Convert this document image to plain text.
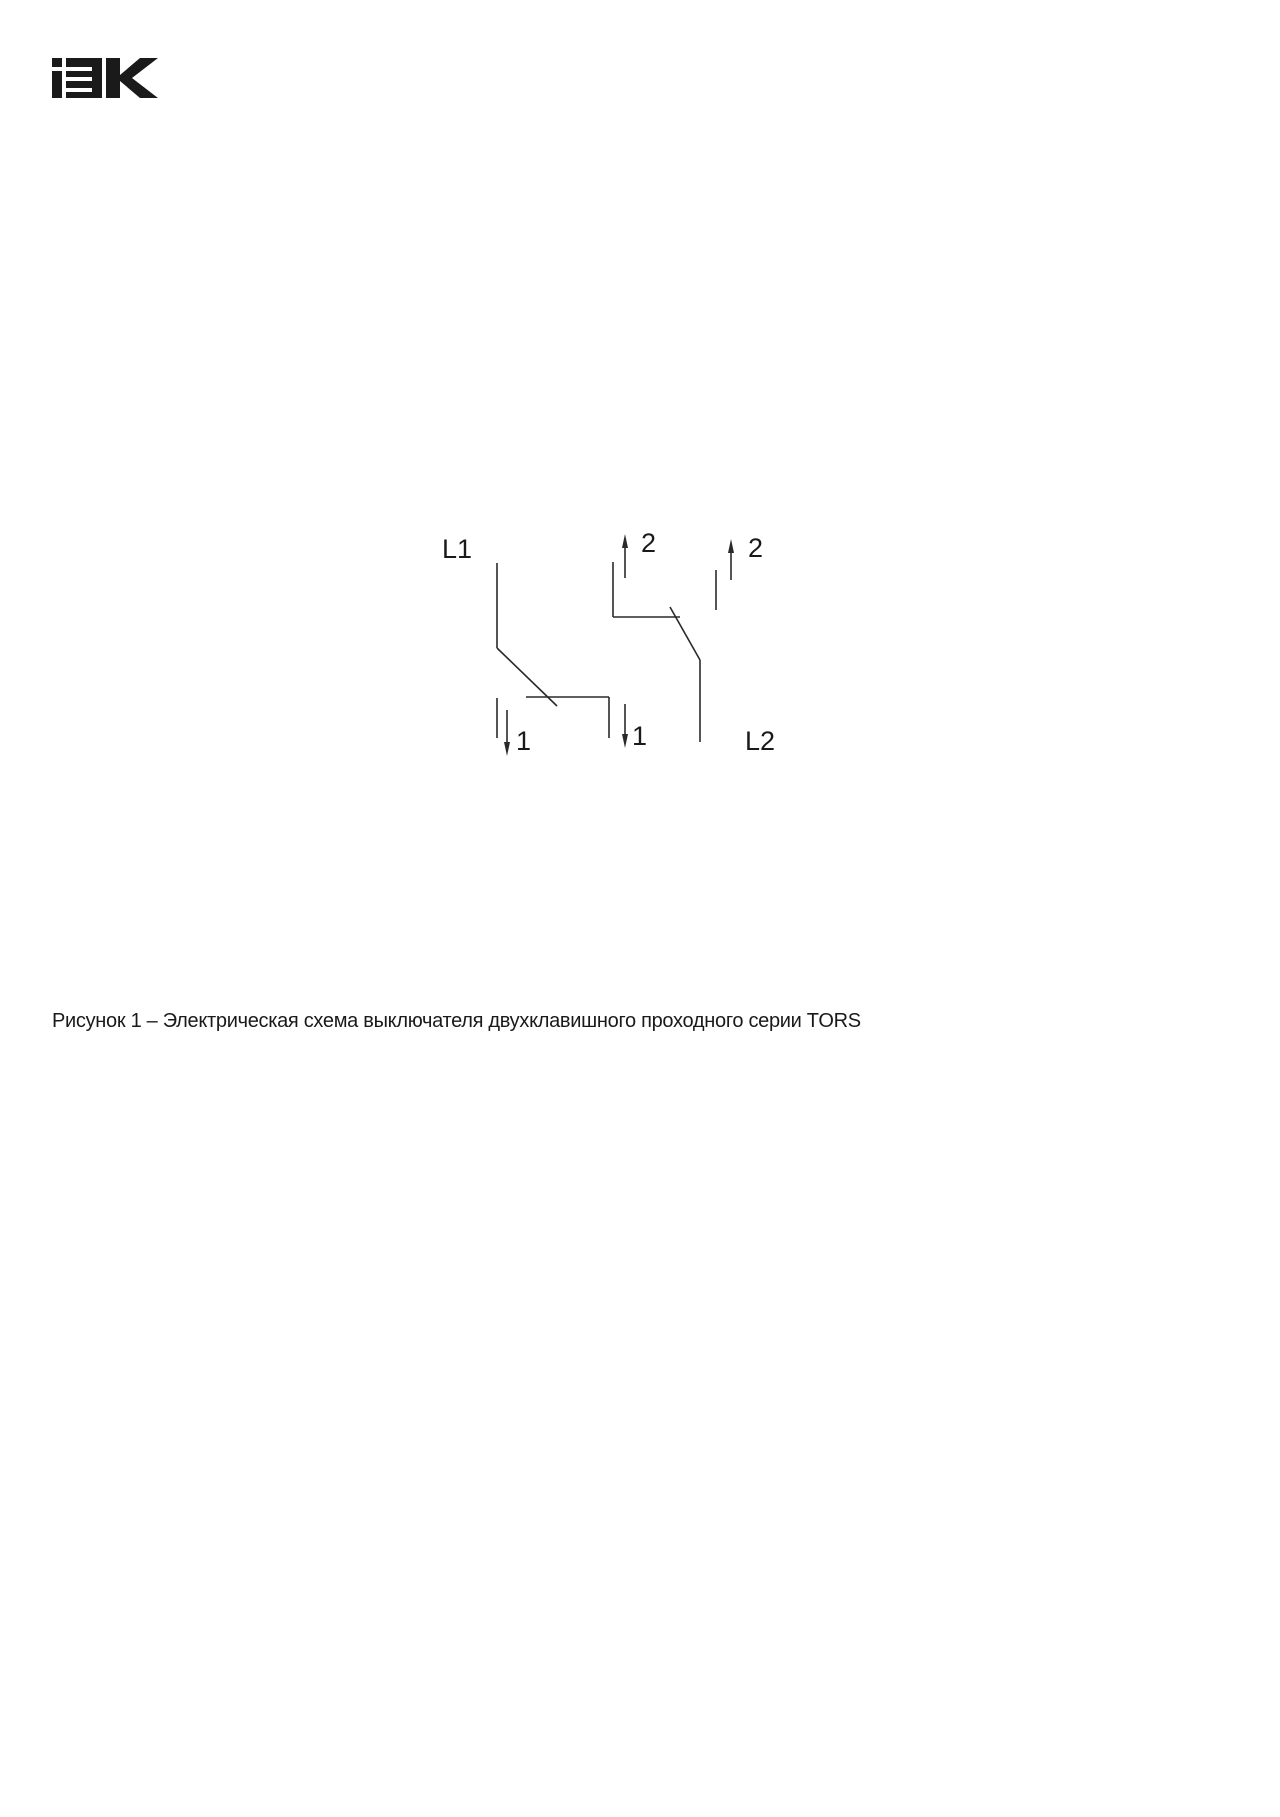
L1
L2
1	1
2	2
Рисунок 1 – Электрическая схема выключателя двухклавишного проходного серии TORS
